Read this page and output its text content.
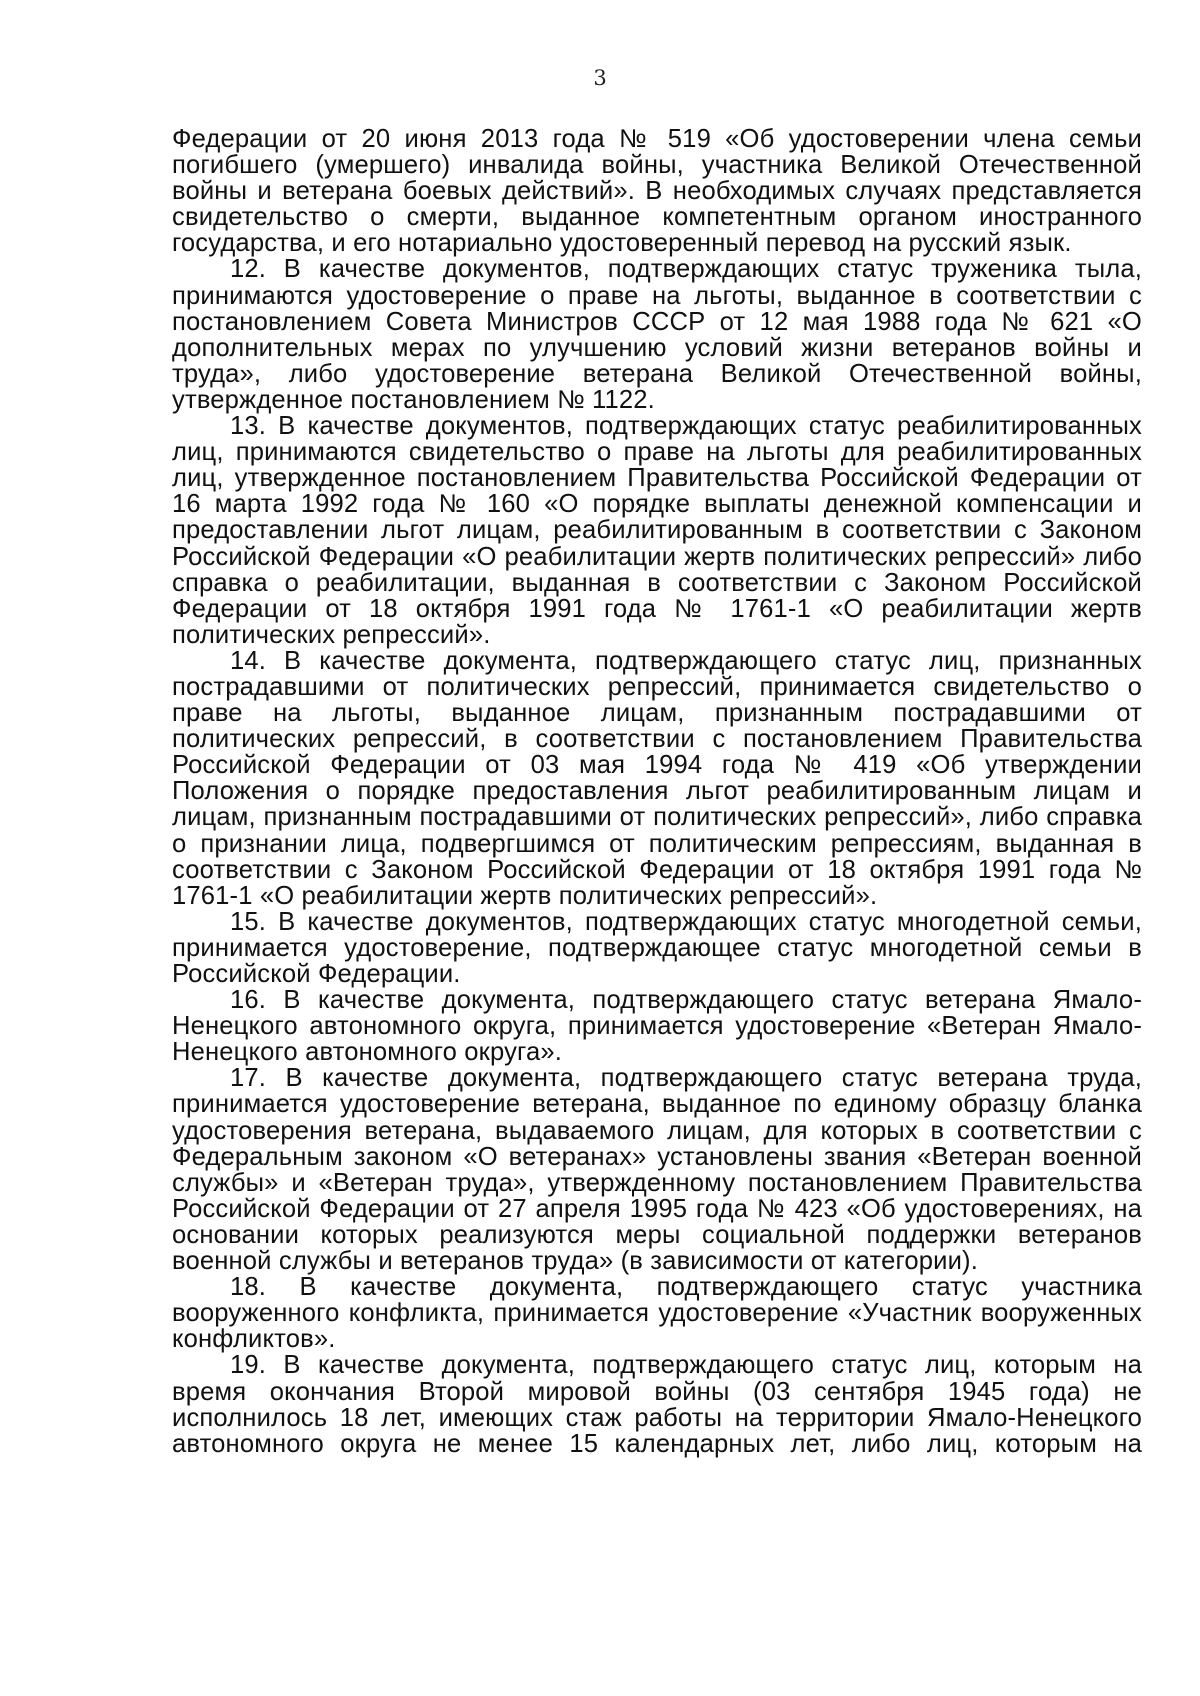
3

Федерации от 20 июня 2013 года № 519 «Об удостоверении члена семьи погибшего (умершего) инвалида войны, участника Великой Отечественной войны и ветерана боевых действий». В необходимых случаях представляется свидетельство о смерти, выданное компетентным органом иностранного государства, и его нотариально удостоверенный перевод на русский язык.

12. В качестве документов, подтверждающих статус труженика тыла, принимаются удостоверение о праве на льготы, выданное в соответствии с постановлением Совета Министров СССР от 12 мая 1988 года № 621 «О дополнительных мерах по улучшению условий жизни ветеранов войны и труда», либо удостоверение ветерана Великой Отечественной войны, утвержденное постановлением № 1122.

13. В качестве документов, подтверждающих статус реабилитированных лиц, принимаются свидетельство о праве на льготы для реабилитированных лиц, утвержденное постановлением Правительства Российской Федерации от 16 марта 1992 года № 160 «О порядке выплаты денежной компенсации и предоставлении льгот лицам, реабилитированным в соответствии с Законом Российской Федерации «О реабилитации жертв политических репрессий» либо справка о реабилитации, выданная в соответствии с Законом Российской Федерации от 18 октября 1991 года № 1761-1 «О реабилитации жертв политических репрессий».

14. В качестве документа, подтверждающего статус лиц, признанных пострадавшими от политических репрессий, принимается свидетельство о праве на льготы, выданное лицам, признанным пострадавшими от политических репрессий, в соответствии с постановлением Правительства Российской Федерации от 03 мая 1994 года № 419 «Об утверждении Положения о порядке предоставления льгот реабилитированным лицам и лицам, признанным пострадавшими от политических репрессий», либо справка о признании лица, подвергшимся от политическим репрессиям, выданная в соответствии с Законом Российской Федерации от 18 октября 1991 года № 1761-1 «О реабилитации жертв политических репрессий».

15. В качестве документов, подтверждающих статус многодетной семьи, принимается удостоверение, подтверждающее статус многодетной семьи в Российской Федерации.

16. В качестве документа, подтверждающего статус ветерана Ямало-Ненецкого автономного округа, принимается удостоверение «Ветеран Ямало-Ненецкого автономного округа».

17. В качестве документа, подтверждающего статус ветерана труда, принимается удостоверение ветерана, выданное по единому образцу бланка удостоверения ветерана, выдаваемого лицам, для которых в соответствии с Федеральным законом «О ветеранах» установлены звания «Ветеран военной службы» и «Ветеран труда», утвержденному постановлением Правительства Российской Федерации от 27 апреля 1995 года № 423 «Об удостоверениях, на основании которых реализуются меры социальной поддержки ветеранов военной службы и ветеранов труда» (в зависимости от категории).

18. В качестве документа, подтверждающего статус участника вооруженного конфликта, принимается удостоверение «Участник вооруженных конфликтов».

19. В качестве документа, подтверждающего статус лиц, которым на время окончания Второй мировой войны (03 сентября 1945 года) не исполнилось 18 лет, имеющих стаж работы на территории Ямало-Ненецкого автономного округа не менее 15 календарных лет, либо лиц, которым на
